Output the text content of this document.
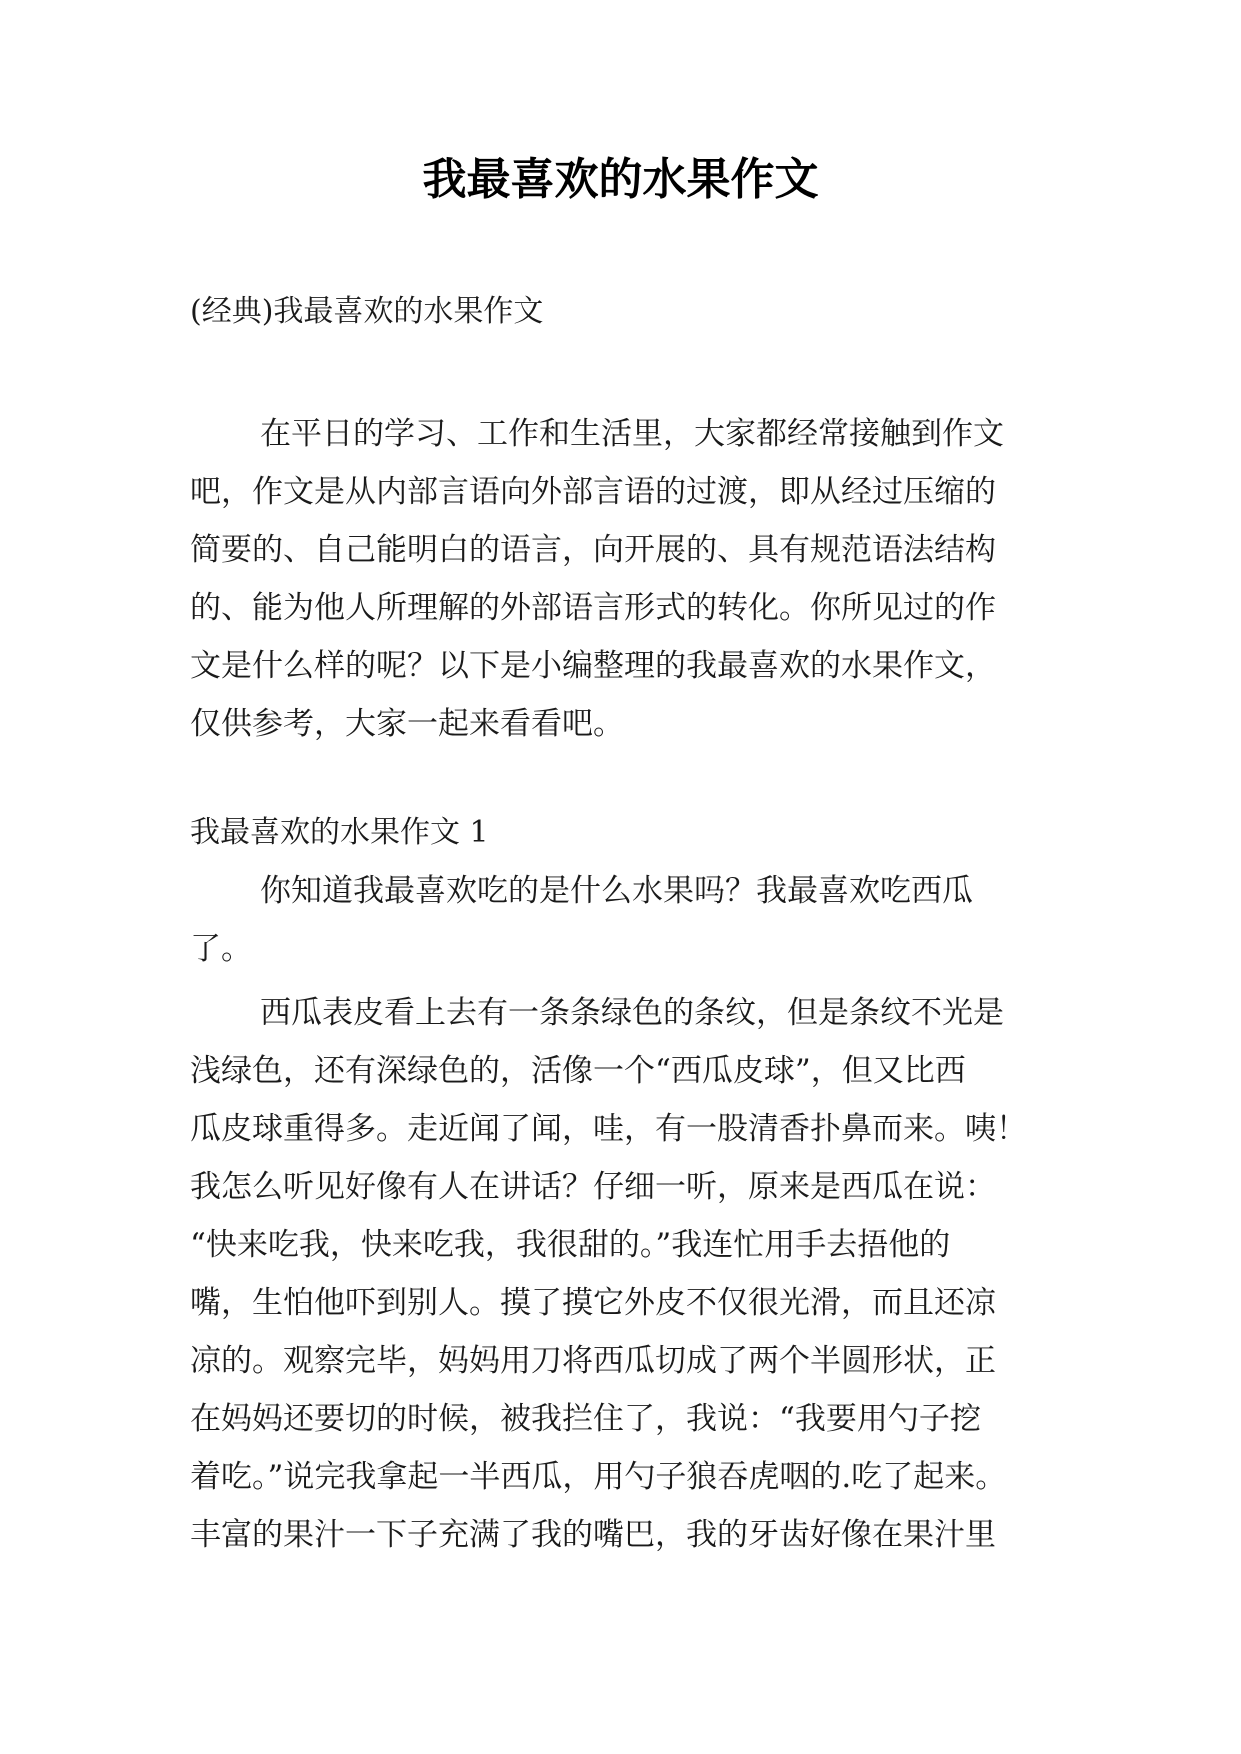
我最喜欢的水果作文

(经典)我最喜欢的水果作文

在平日的学习、工作和生活里，大家都经常接触到作文
吧，作文是从内部言语向外部言语的过渡，即从经过压缩的
简要的、自己能明白的语言，向开展的、具有规范语法结构
的、能为他人所理解的外部语言形式的转化。你所见过的作
文是什么样的呢？以下是小编整理的我最喜欢的水果作文，
仅供参考，大家一起来看看吧。

我最喜欢的水果作文 1

你知道我最喜欢吃的是什么水果吗？我最喜欢吃西瓜
了。
西瓜表皮看上去有一条条绿色的条纹，但是条纹不光是
浅绿色，还有深绿色的，活像一个“西瓜皮球”，但又比西
瓜皮球重得多。走近闻了闻，哇，有一股清香扑鼻而来。咦！
我怎么听见好像有人在讲话？仔细一听，原来是西瓜在说：
“快来吃我，快来吃我，我很甜的。”我连忙用手去捂他的
嘴，生怕他吓到别人。摸了摸它外皮不仅很光滑，而且还凉
凉的。观察完毕，妈妈用刀将西瓜切成了两个半圆形状，正
在妈妈还要切的时候，被我拦住了，我说：“我要用勺子挖
着吃。”说完我拿起一半西瓜，用勺子狼吞虎咽的.吃了起来。
丰富的果汁一下子充满了我的嘴巴，我的牙齿好像在果汁里
